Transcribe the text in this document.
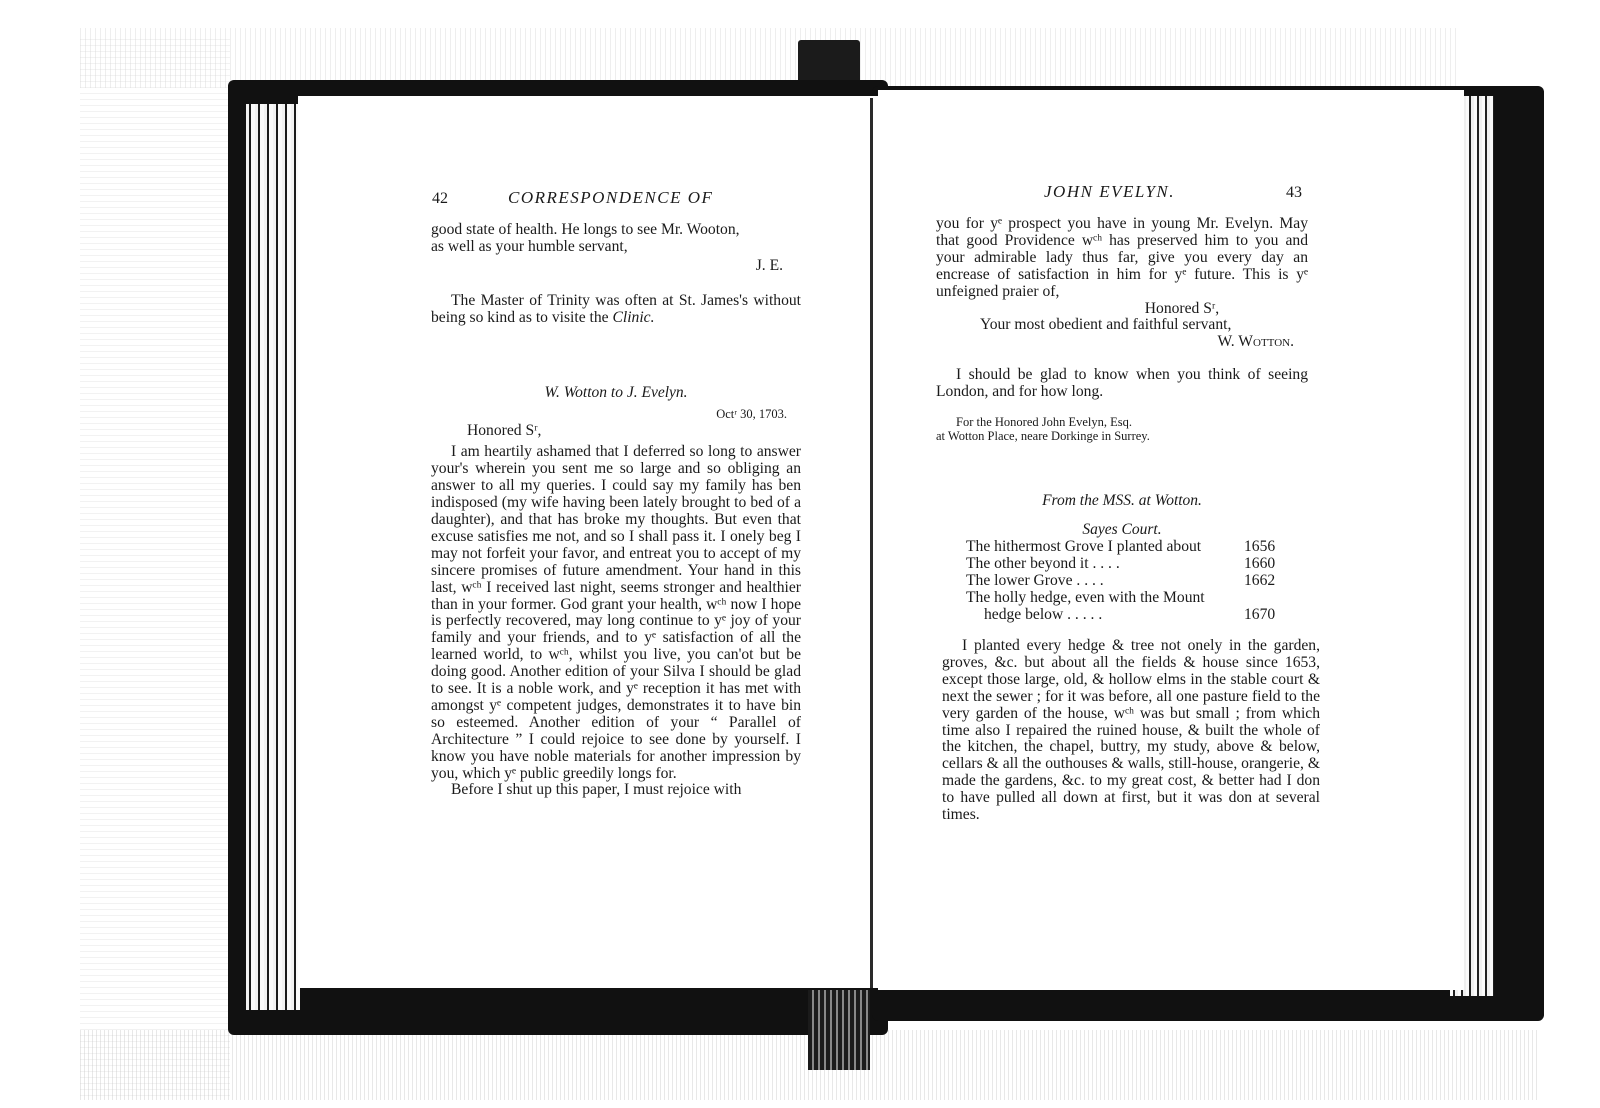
42	CORRESPONDENCE OF

good state of health. He longs to see Mr. Wooton,

as well as your humble servant,

J. E.

The Master of Trinity was often at St. James's without being so kind as to visite the Clinic.

W. Wotton to J. Evelyn.

Octʳ 30, 1703.

Honored Sʳ,

I am heartily ashamed that I deferred so long to answer your's wherein you sent me so large and so obliging an answer to all my queries. I could say my family has ben indisposed (my wife having been lately brought to bed of a daughter), and that has broke my thoughts. But even that excuse satisfies me not, and so I shall pass it. I onely beg I may not forfeit your favor, and entreat you to accept of my sincere promises of future amendment. Your hand in this last, wᶜʰ I received last night, seems stronger and healthier than in your former. God grant your health, wᶜʰ now I hope is perfectly recovered, may long continue to yᵉ joy of your family and your friends, and to yᵉ satisfaction of all the learned world, to wᶜʰ, whilst you live, you can'ot but be doing good. Another edition of your Silva I should be glad to see. It is a noble work, and yᵉ reception it has met with amongst yᵉ competent judges, demonstrates it to have bin so esteemed. Another edition of your “ Parallel of Architecture ” I could rejoice to see done by yourself. I know you have noble materials for another impression by you, which yᵉ public greedily longs for.

Before I shut up this paper, I must rejoice with

JOHN EVELYN.	43

you for yᵉ prospect you have in young Mr. Evelyn. May that good Providence wᶜʰ has preserved him to you and your admirable lady thus far, give you every day an encrease of satisfaction in him for yᵉ future. This is yᵉ unfeigned praier of,

Honored Sʳ,

Your most obedient and faithful servant,

W. Wotton.

I should be glad to know when you think of seeing London, and for how long.

For the Honored John Evelyn, Esq.

at Wotton Place, neare Dorkinge in Surrey.

From the MSS. at Wotton.

Sayes Court.

The hithermost Grove I planted about	1656
The other beyond it . . . .	1660
The lower Grove . . . .	1662
The holly hedge, even with the Mount
hedge below . . . . .	1670

I planted every hedge & tree not onely in the garden, groves, &c. but about all the fields & house since 1653, except those large, old, & hollow elms in the stable court & next the sewer ; for it was before, all one pasture field to the very garden of the house, wᶜʰ was but small ; from which time also I repaired the ruined house, & built the whole of the kitchen, the chapel, buttry, my study, above & below, cellars & all the outhouses & walls, still-house, orangerie, & made the gardens, &c. to my great cost, & better had I don to have pulled all down at first, but it was don at several times.
